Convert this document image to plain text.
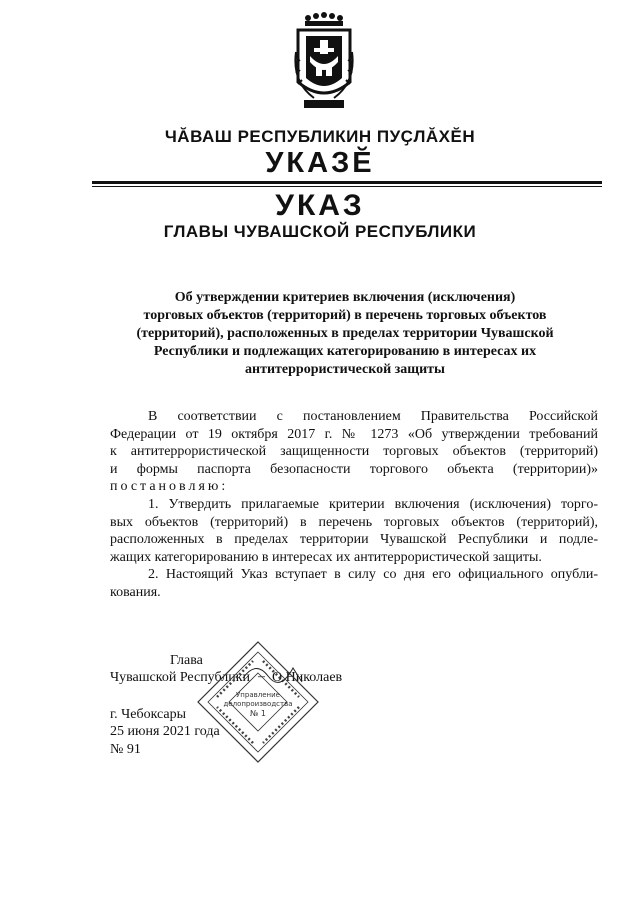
ЧӐВАШ РЕСПУБЛИКИН ПУҪЛӐХӖН
УКАЗӖ
УКАЗ
ГЛАВЫ ЧУВАШСКОЙ РЕСПУБЛИКИ
Об утверждении критериев включения (исключения)
торговых объектов (территорий) в перечень торговых объектов
(территорий), расположенных в пределах территории Чувашской
Республики и подлежащих категорированию в интересах их
антитеррористической защиты
В соответствии с постановлением Правительства Российской
Федерации от 19 октября 2017 г. № 1273 «Об утверждении требований
к антитеррористической защищенности торговых объектов (территорий)
и формы паспорта безопасности торгового объекта (территории)»
постановляю:
1. Утвердить прилагаемые критерии включения (исключения) торго-
вых объектов (территорий) в перечень торговых объектов (территорий),
расположенных в пределах территории Чувашской Республики и подле-
жащих категорированию в интересах их антитеррористической защиты.
2. Настоящий Указ вступает в силу со дня его официального опубли-
кования.
Глава
Чувашской Республики – О.Николаев
г. Чебоксары
25 июня 2021 года
№ 91
Управление
делопроизводства
№ 1
